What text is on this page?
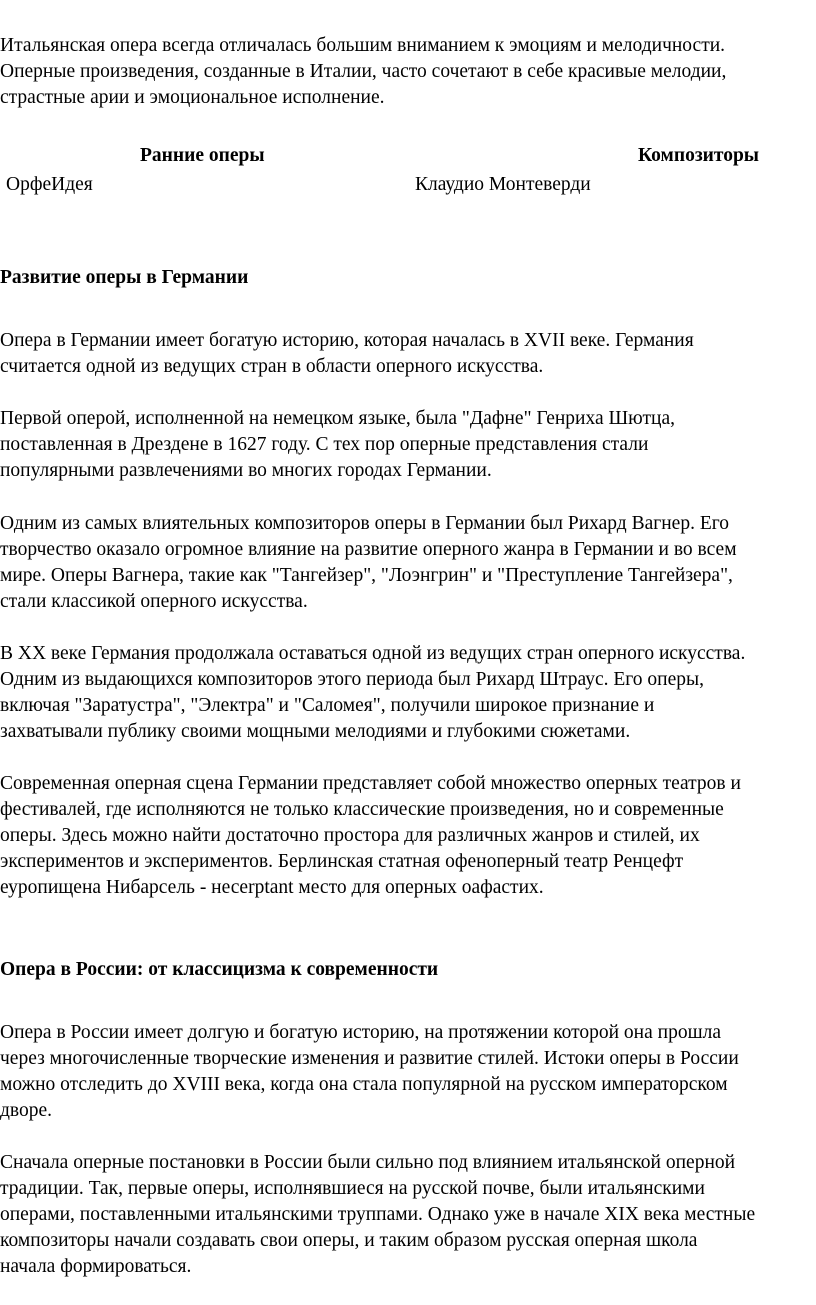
Итальянская опера всегда отличалась большим вниманием к эмоциям и мелодичности.
Оперные произведения, созданные в Италии, часто сочетают в себе красивые мелодии,
страстные арии и эмоциональное исполнение.

Ранние оперы	Композиторы
ОрфеИдея	Клаудио Монтеверди
Развитие оперы в Германии

Опера в Германии имеет богатую историю, которая началась в XVII веке. Германия
считается одной из ведущих стран в области оперного искусства.

Первой оперой, исполненной на немецком языке, была "Дафне" Генриха Шютца,
поставленная в Дрездене в 1627 году. С тех пор оперные представления стали
популярными развлечениями во многих городах Германии.

Одним из самых влиятельных композиторов оперы в Германии был Рихард Вагнер. Его
творчество оказало огромное влияние на развитие оперного жанра в Германии и во всем
мире. Оперы Вагнера, такие как "Тангейзер", "Лоэнгрин" и "Преступление Тангейзера",
стали классикой оперного искусства.

В XX веке Германия продолжала оставаться одной из ведущих стран оперного искусства.
Одним из выдающихся композиторов этого периода был Рихард Штраус. Его оперы,
включая "Заратустра", "Электра" и "Саломея", получили широкое признание и
захватывали публику своими мощными мелодиями и глубокими сюжетами.

Современная оперная сцена Германии представляет собой множество оперных театров и
фестивалей, где исполняются не только классические произведения, но и современные
оперы. Здесь можно найти достаточно простора для различных жанров и стилей, их
экспериментов и экспериментов. Берлинская статная офеноперный театр Ренцефт
еуропищена Нибарсель - несerptant место для оперных оафастих.

Опера в России: от классицизма к современности

Опера в России имеет долгую и богатую историю, на протяжении которой она прошла
через многочисленные творческие изменения и развитие стилей. Истоки оперы в России
можно отследить до XVIII века, когда она стала популярной на русском императорском
дворе.

Сначала оперные постановки в России были сильно под влиянием итальянской оперной
традиции. Так, первые оперы, исполнявшиеся на русской почве, были итальянскими
операми, поставленными итальянскими труппами. Однако уже в начале XIX века местные
композиторы начали создавать свои оперы, и таким образом русская оперная школа
начала формироваться.
